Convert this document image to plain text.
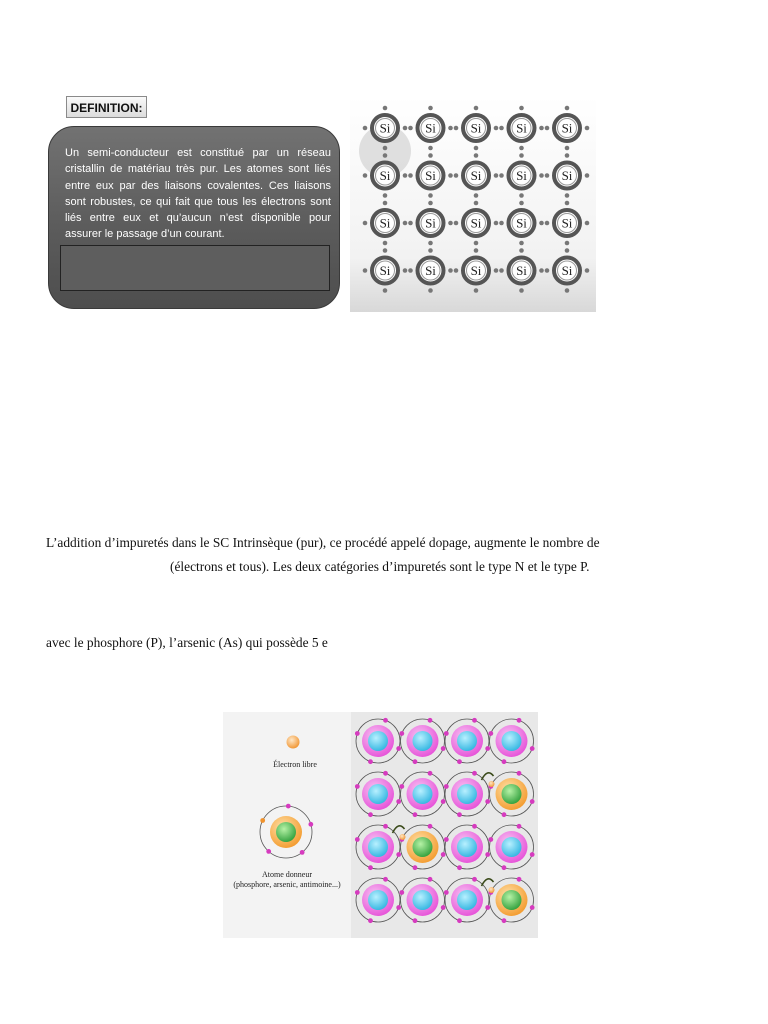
DEFINITION:

Un semi-conducteur est constitué par un réseau cristallin de matériau très pur. Les atomes sont liés entre eux par des liaisons covalentes. Ces liaisons sont robustes, ce qui fait que tous les électrons sont liés entre eux et qu’aucun n’est disponible pour assurer le passage d’un courant.

Si	Si	Si	Si	Si
Si	Si	Si	Si	Si
Si	Si	Si	Si	Si
Si	Si	Si	Si	Si

L’addition d’impuretés dans le SC Intrinsèque (pur), ce procédé appelé dopage, augmente le nombre de

(électrons et tous). Les deux catégories d’impuretés sont le type N et le type P.

avec le phosphore (P), l’arsenic (As) qui possède 5 e

Électron libre
Atome donneur
(phosphore, arsenic, antimoine...)
